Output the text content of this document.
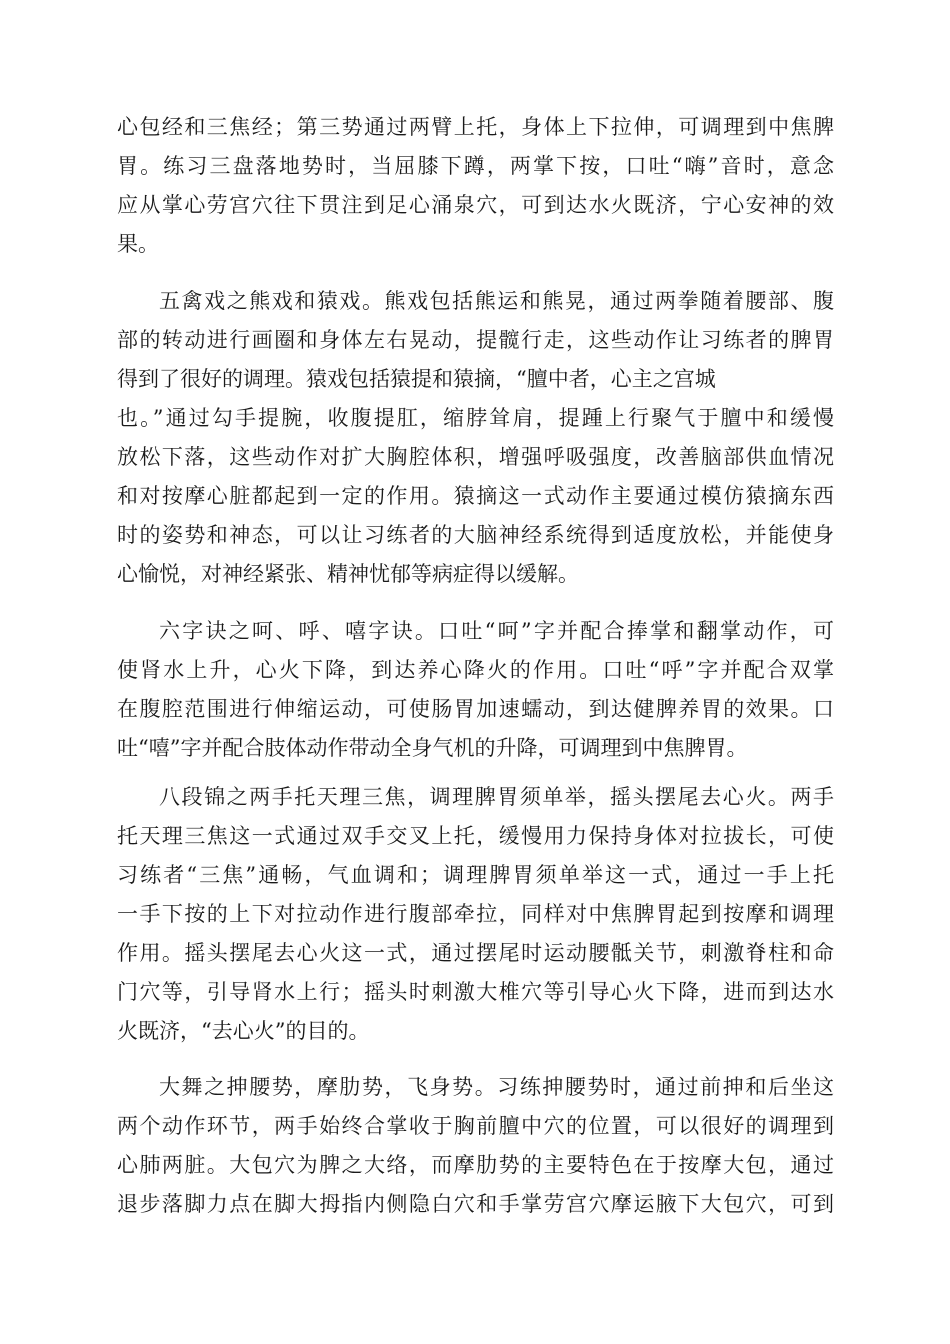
心包经和三焦经；第三势通过两臂上托，身体上下拉伸，可调理到中焦脾
胃。练习三盘落地势时，当屈膝下蹲，两掌下按，口吐“嗨”音时，意念
应从掌心劳宫穴往下贯注到足心涌泉穴，可到达水火既济，宁心安神的效
果。
五禽戏之熊戏和猿戏。熊戏包括熊运和熊晃，通过两拳随着腰部、腹
部的转动进行画圈和身体左右晃动，提髋行走，这些动作让习练者的脾胃
得到了很好的调理。猿戏包括猿提和猿摘，“膻中者，心主之宫城
也。”通过勾手提腕，收腹提肛，缩脖耸肩，提踵上行聚气于膻中和缓慢
放松下落，这些动作对扩大胸腔体积，增强呼吸强度，改善脑部供血情况
和对按摩心脏都起到一定的作用。猿摘这一式动作主要通过模仿猿摘东西
时的姿势和神态，可以让习练者的大脑神经系统得到适度放松，并能使身
心愉悦，对神经紧张、精神忧郁等病症得以缓解。
六字诀之呵、呼、嘻字诀。口吐“呵”字并配合捧掌和翻掌动作，可
使肾水上升，心火下降，到达养心降火的作用。口吐“呼”字并配合双掌
在腹腔范围进行伸缩运动，可使肠胃加速蠕动，到达健脾养胃的效果。口
吐“嘻”字并配合肢体动作带动全身气机的升降，可调理到中焦脾胃。
八段锦之两手托天理三焦，调理脾胃须单举，摇头摆尾去心火。两手
托天理三焦这一式通过双手交叉上托，缓慢用力保持身体对拉拔长，可使
习练者“三焦”通畅，气血调和；调理脾胃须单举这一式，通过一手上托
一手下按的上下对拉动作进行腹部牵拉，同样对中焦脾胃起到按摩和调理
作用。摇头摆尾去心火这一式，通过摆尾时运动腰骶关节，刺激脊柱和命
门穴等，引导肾水上行；摇头时刺激大椎穴等引导心火下降，进而到达水
火既济，“去心火”的目的。
大舞之抻腰势，摩肋势，飞身势。习练抻腰势时，通过前抻和后坐这
两个动作环节，两手始终合掌收于胸前膻中穴的位置，可以很好的调理到
心肺两脏。大包穴为脾之大络，而摩肋势的主要特色在于按摩大包，通过
退步落脚力点在脚大拇指内侧隐白穴和手掌劳宫穴摩运腋下大包穴，可到
